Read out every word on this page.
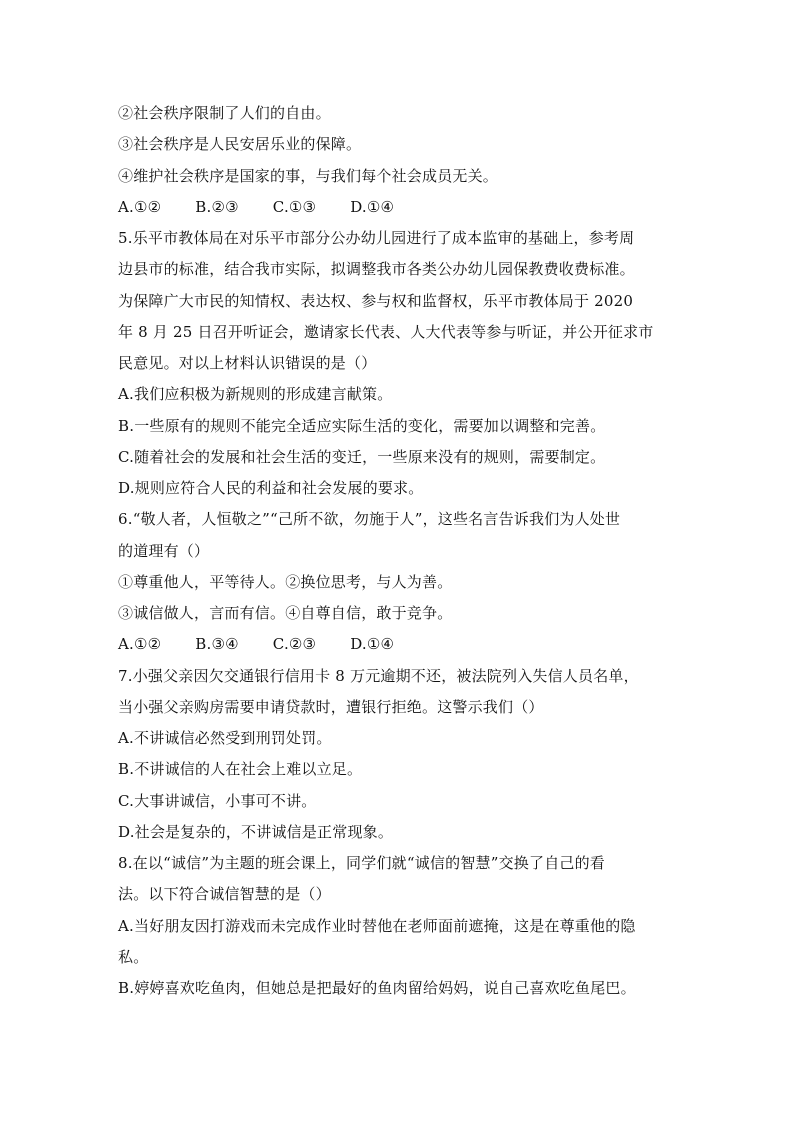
②社会秩序限制了人们的自由。
③社会秩序是人民安居乐业的保障。
④维护社会秩序是国家的事，与我们每个社会成员无关。
A.①② B.②③ C.①③ D.①④
5.乐平市教体局在对乐平市部分公办幼儿园进行了成本监审的基础上，参考周
边县市的标准，结合我市实际，拟调整我市各类公办幼儿园保教费收费标准。
为保障广大市民的知情权、表达权、参与权和监督权，乐平市教体局于 2020
年 8 月 25 日召开听证会，邀请家长代表、人大代表等参与听证，并公开征求市
民意见。对以上材料认识错误的是（）
A.我们应积极为新规则的形成建言献策。
B.一些原有的规则不能完全适应实际生活的变化，需要加以调整和完善。
C.随着社会的发展和社会生活的变迁，一些原来没有的规则，需要制定。
D.规则应符合人民的利益和社会发展的要求。
6.“敬人者，人恒敬之”“己所不欲，勿施于人”，这些名言告诉我们为人处世
的道理有（）
①尊重他人，平等待人。②换位思考，与人为善。
③诚信做人，言而有信。④自尊自信，敢于竞争。
A.①② B.③④ C.②③ D.①④
7.小强父亲因欠交通银行信用卡 8 万元逾期不还，被法院列入失信人员名单，
当小强父亲购房需要申请贷款时，遭银行拒绝。这警示我们（）
A.不讲诚信必然受到刑罚处罚。
B.不讲诚信的人在社会上难以立足。
C.大事讲诚信，小事可不讲。
D.社会是复杂的，不讲诚信是正常现象。
8.在以“诚信”为主题的班会课上，同学们就“诚信的智慧”交换了自己的看
法。以下符合诚信智慧的是（）
A.当好朋友因打游戏而未完成作业时替他在老师面前遮掩，这是在尊重他的隐
私。
B.婷婷喜欢吃鱼肉，但她总是把最好的鱼肉留给妈妈，说自己喜欢吃鱼尾巴。
